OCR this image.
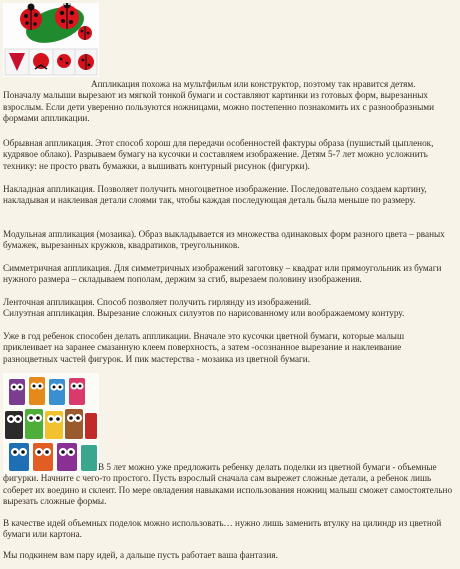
Аппликация похожа на мультфильм или конструктор, поэтому так нравится детям. Поначалу малыши вырезают из мягкой тонкой бумаги и составляют картинки из готовых форм, вырезанных взрослым. Если дети уверенно пользуются ножницами, можно постепенно познакомить их с разнообразными формами аппликации.

Обрывная аппликация. Этот способ хорош для передачи особенностей фактуры образа (пушистый цыпленок, кудрявое облако). Разрываем бумагу на кусочки и составляем изображение. Детям 5-7 лет можно усложнить технику: не просто рвать бумажки, а вышивать контурный рисунок (фигурки).

Накладная аппликация. Позволяет получить многоцветное изображение. Последовательно создаем картину, накладывая и наклеивая детали слоями так, чтобы каждая последующая деталь была меньше по размеру.

Модульная аппликация (мозаика). Образ выкладывается из множества одинаковых форм разного цвета – рваных бумажек, вырезанных кружков, квадратиков, треугольников.

Симметричная аппликация. Для симметричных изображений заготовку – квадрат или прямоугольник из бумаги нужного размера – складываем пополам, держим за сгиб, вырезаем половину изображения.

Ленточная аппликация. Способ позволяет получить гирлянду из изображений.

Силуэтная аппликация. Вырезание сложных силуэтов по нарисованному или воображаемому контуру.

Уже в год ребенок способен делать аппликации. Вначале это кусочки цветной бумаги, которые малыш приклеивает на заранее смазанную клеем поверхность, а затем -осознанное вырезание и наклеивание разноцветных частей фигурок. И пик мастерства - мозаика из цветной бумаги.

В 5 лет можно уже предложить ребенку делать поделки из цветной бумаги - объемные фигурки. Начните с чего-то простого. Пусть взрослый сначала сам вырежет сложные детали, а ребенок лишь соберет их воедино и склеит. По мере овладения навыками использования ножниц малыш сможет самостоятельно вырезать сложные формы.

В качестве идей объемных поделок можно использовать… нужно лишь заменить втулку на цилиндр из цветной бумаги или картона.

Мы подкинем вам пару идей, а дальше пусть работает ваша фантазия.
